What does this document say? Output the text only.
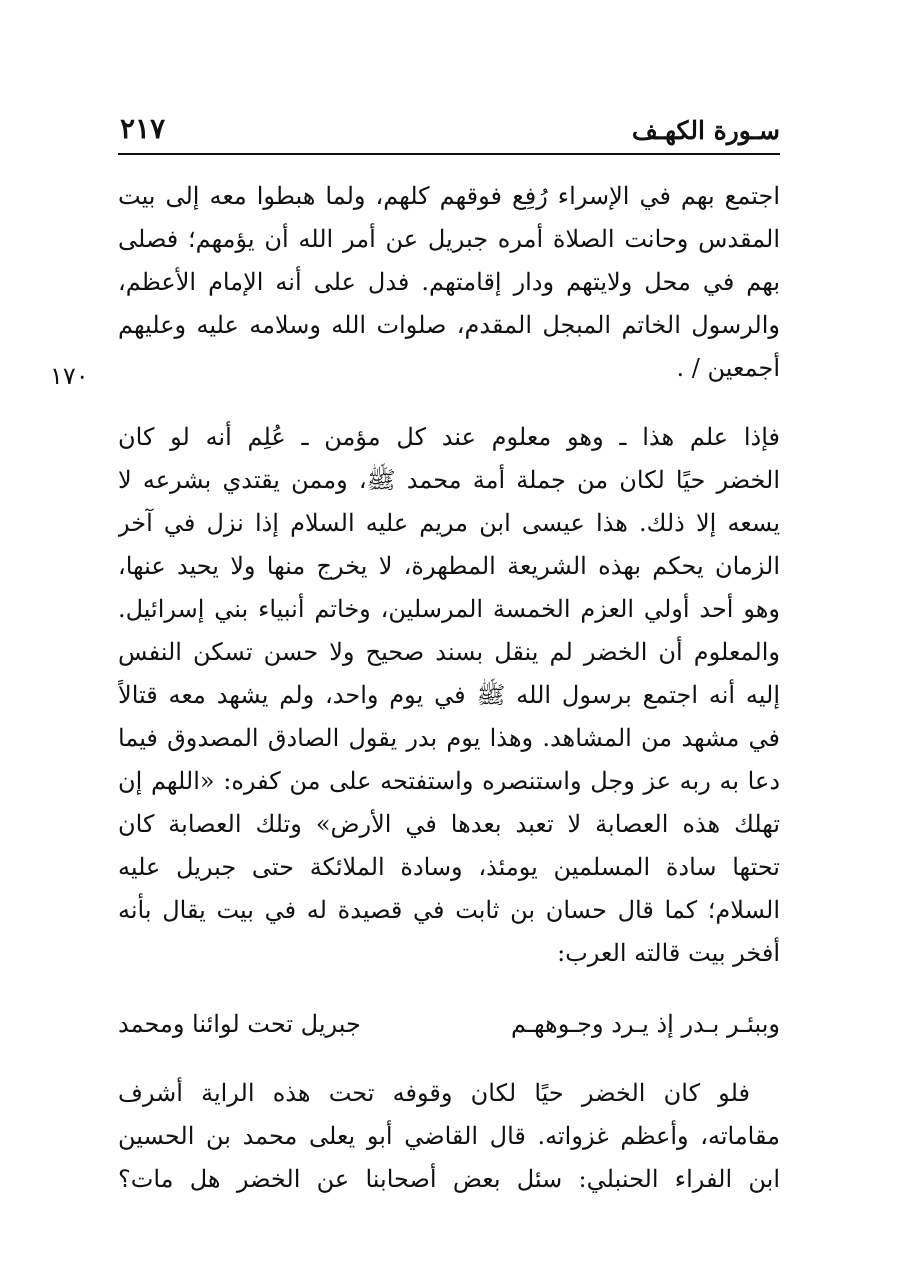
سـورة الكهـف
٢١٧
١٧٠
اجتمع بهم في الإسراء رُفِع فوقهم كلهم، ولما هبطوا معه إلى بيت
المقدس وحانت الصلاة أمره جبريل عن أمر الله أن يؤمهم؛ فصلى
بهم في محل ولايتهم ودار إقامتهم. فدل على أنه الإمام الأعظم،
والرسول الخاتم المبجل المقدم، صلوات الله وسلامه عليه وعليهم
أجمعين / .
فإذا علم هذا ـ وهو معلوم عند كل مؤمن ـ عُلِم أنه لو كان
الخضر حيًا لكان من جملة أمة محمد ﷺ، وممن يقتدي بشرعه لا
يسعه إلا ذلك. هذا عيسى ابن مريم عليه السلام إذا نزل في آخر
الزمان يحكم بهذه الشريعة المطهرة، لا يخرج منها ولا يحيد عنها،
وهو أحد أولي العزم الخمسة المرسلين، وخاتم أنبياء بني إسرائيل.
والمعلوم أن الخضر لم ينقل بسند صحيح ولا حسن تسكن النفس
إليه أنه اجتمع برسول الله ﷺ في يوم واحد، ولم يشهد معه قتالاً
في مشهد من المشاهد. وهذا يوم بدر يقول الصادق المصدوق فيما
دعا به ربه عز وجل واستنصره واستفتحه على من كفره: «اللهم إن
تهلك هذه العصابة لا تعبد بعدها في الأرض» وتلك العصابة كان
تحتها سادة المسلمين يومئذ، وسادة الملائكة حتى جبريل عليه
السلام؛ كما قال حسان بن ثابت في قصيدة له في بيت يقال بأنه
أفخر بيت قالته العرب:
وببئـر بـدر إذ يـرد وجـوههـم
جبريل تحت لوائنا ومحمد
فلو كان الخضر حيًا لكان وقوفه تحت هذه الراية أشرف
مقاماته، وأعظم غزواته. قال القاضي أبو يعلى محمد بن الحسين
ابن الفراء الحنبلي: سئل بعض أصحابنا عن الخضر هل مات؟
